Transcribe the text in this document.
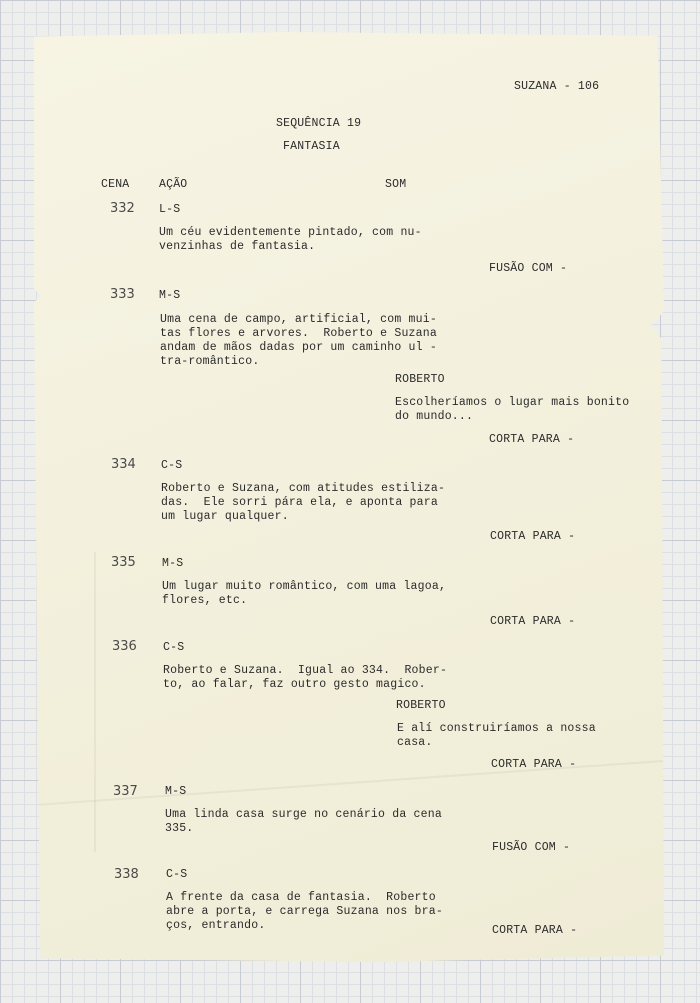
SUZANA - 106

SEQUÊNCIA 19

FANTASIA

CENA	AÇÃO	SOM

332 L-S

Um céu evidentemente pintado, com nu-
venzinhas de fantasia.

FUSÃO COM -

333 M-S

Uma cena de campo, artificial, com mui-
tas flores e arvores.  Roberto e Suzana
andam de mãos dadas por um caminho ul -
tra-romântico.

ROBERTO

Escolheríamos o lugar mais bonito
do mundo...

CORTA PARA -

334 C-S

Roberto e Suzana, com atitudes estiliza-
das.  Ele sorri pára ela, e aponta para
um lugar qualquer.

CORTA PARA -

335 M-S

Um lugar muito romântico, com uma lagoa,
flores, etc.

CORTA PARA -

336 C-S

Roberto e Suzana.  Igual ao 334.  Rober-
to, ao falar, faz outro gesto magico.

ROBERTO

E alí construiríamos a nossa
casa.

CORTA PARA -

337 M-S

Uma linda casa surge no cenário da cena
335.

FUSÃO COM -

338 C-S

A frente da casa de fantasia.  Roberto
abre a porta, e carrega Suzana nos bra-
ços, entrando.	CORTA PARA -
